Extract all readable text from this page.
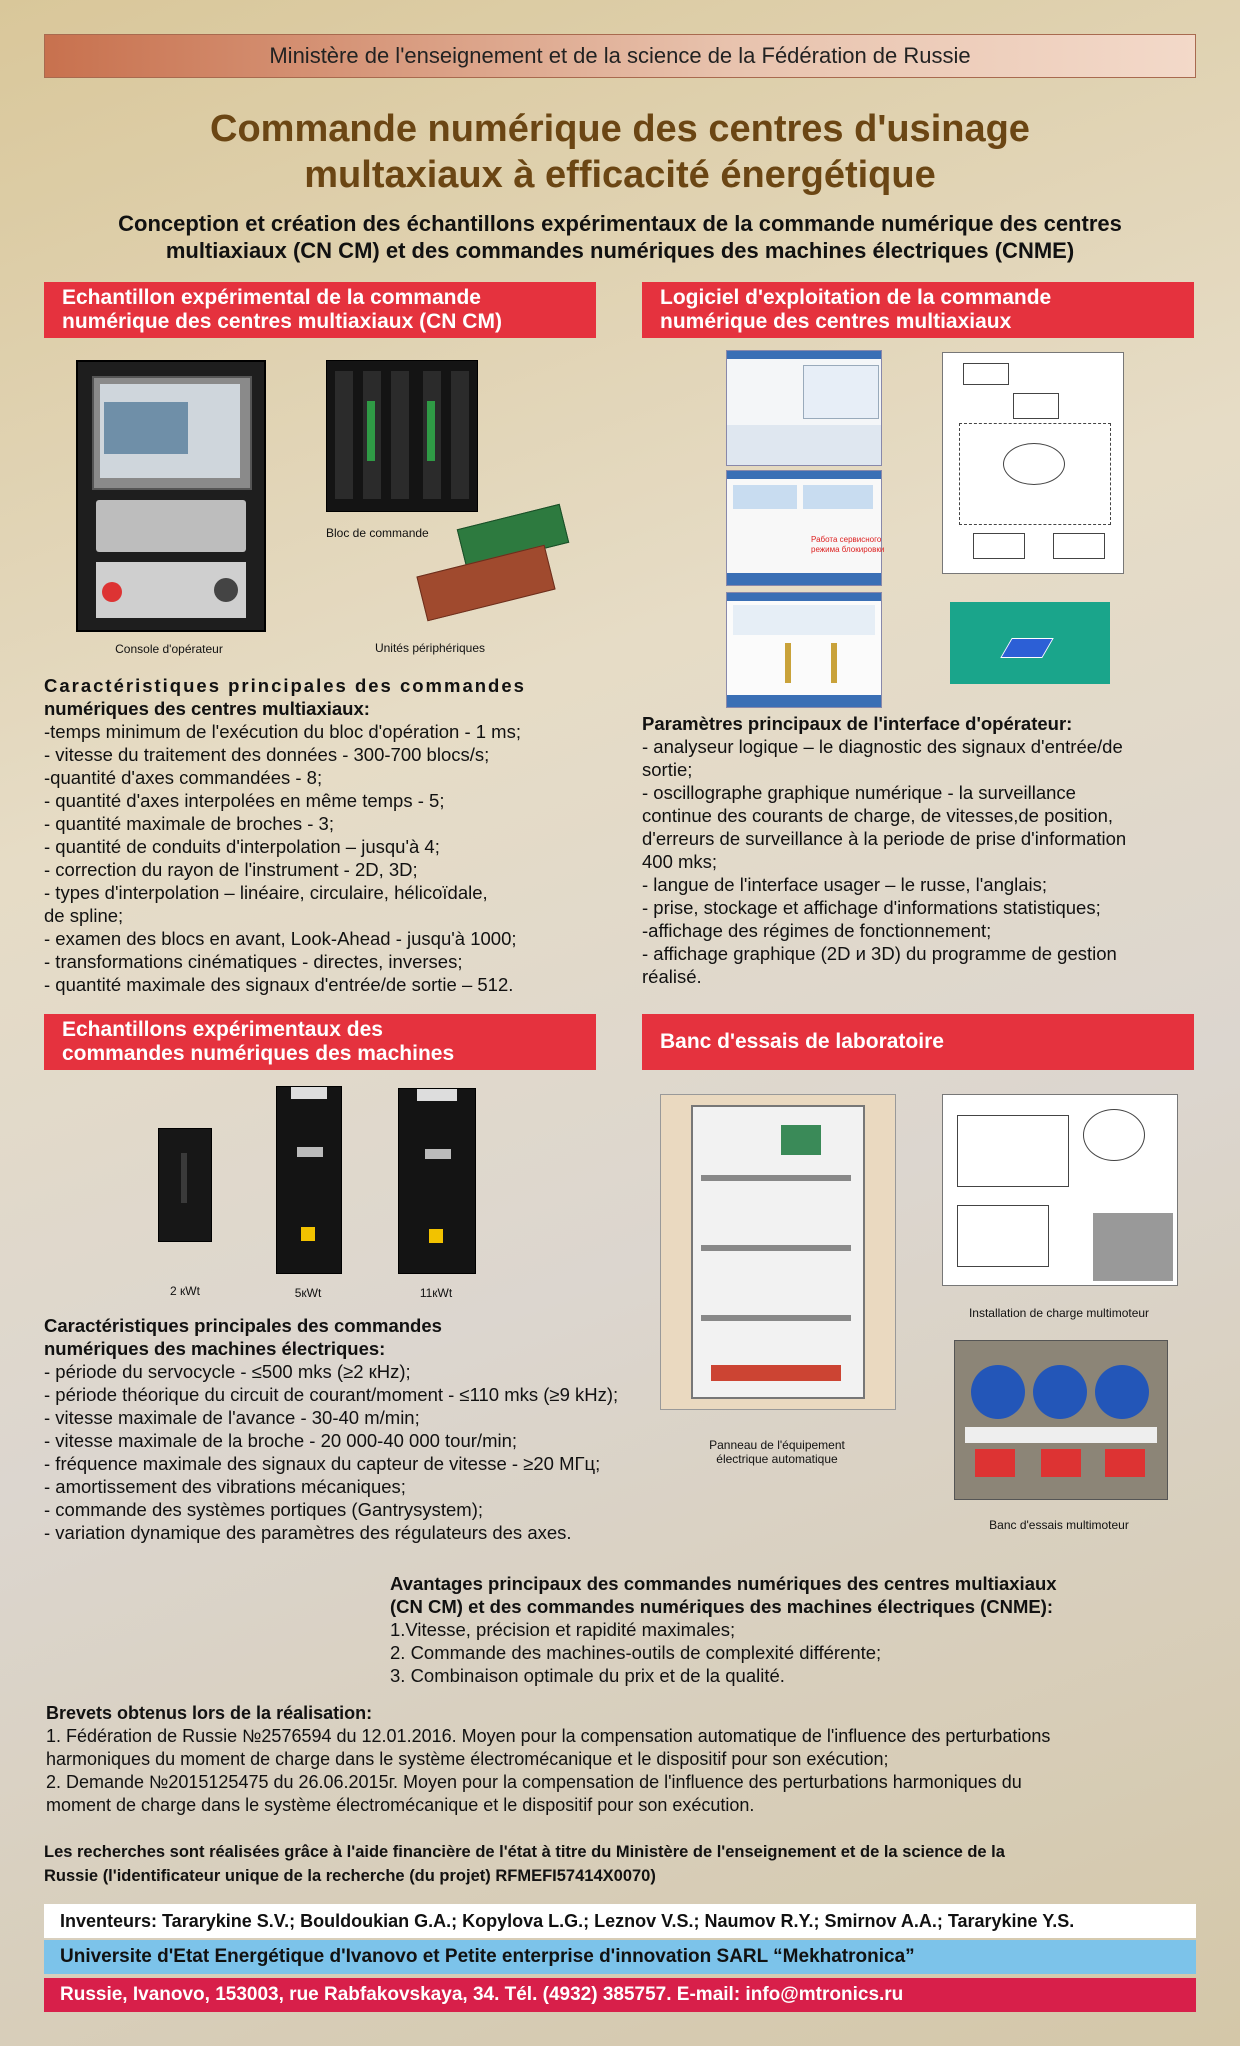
Ministère de l'enseignement et de la science de la Fédération de Russie
Commande numérique des centres d'usinage
multaxiaux à efficacité énergétique
Conception et création des échantillons expérimentaux de la commande numérique des centres
multiaxiaux (CN CM) et des commandes numériques des machines électriques (CNME)
Echantillon expérimental de la commande
numérique des centres multiaxiaux (CN CM)
Logiciel d'exploitation de la commande
numérique des centres multiaxiaux
Console d'opérateur
Bloc de commande
Unités périphériques
Caractéristiques principales des commandes
numériques des centres multiaxiaux:
-temps minimum de l'exécution du bloc d'opération - 1 ms;
- vitesse du traitement des données - 300-700 blocs/s;
-quantité d'axes commandées - 8;
- quantité d'axes interpolées en même temps - 5;
- quantité maximale de broches - 3;
- quantité de conduits d'interpolation – jusqu'à 4;
- correction du rayon de l'instrument - 2D, 3D;
- types d'interpolation – linéaire, circulaire, hélicoïdale,
de spline;
- examen des blocs en avant, Look-Ahead - jusqu'à 1000;
- transformations cinématiques - directes, inverses;
- quantité maximale des signaux d'entrée/de sortie – 512.
Работа сервисного
режима блокировки
Paramètres principaux de l'interface d'opérateur:
- analyseur logique – le diagnostic des signaux d'entrée/de
sortie;
- oscillographe graphique numérique - la surveillance
continue des courants de charge, de vitesses,de position,
d'erreurs de surveillance à la periode de prise d'information
400 mks;
- langue de l'interface usager – le russe, l'anglais;
- prise, stockage et affichage d'informations statistiques;
-affichage des régimes de fonctionnement;
- affichage graphique (2D и 3D) du programme de gestion
réalisé.
Echantillons expérimentaux des
commandes numériques des machines
Banc d'essais de laboratoire
2 кWt	5кWt	11кWt
Caractéristiques principales des commandes
numériques des machines électriques:
- période du servocycle - ≤500 mks (≥2 кHz);
- période théorique du circuit de courant/moment - ≤110 mks (≥9 kHz);
- vitesse maximale de l'avance - 30-40 m/min;
- vitesse maximale de la broche - 20 000-40 000 tour/min;
- fréquence maximale des signaux du capteur de vitesse - ≥20 МГц;
- amortissement des vibrations mécaniques;
- commande des systèmes portiques (Gantrysystem);
- variation dynamique des paramètres des régulateurs des axes.
Panneau de l'équipement
électrique automatique
Installation de charge multimoteur
Banc d'essais multimoteur
Avantages principaux des commandes numériques des centres multiaxiaux
(CN CM) et des commandes numériques des machines électriques (CNME):
1.Vitesse, précision et rapidité maximales;
2. Commande des machines-outils de complexité différente;
3. Combinaison optimale du prix et de la qualité.
Brevets obtenus lors de la réalisation:
1. Fédération de Russie №2576594 du 12.01.2016. Moyen pour la compensation automatique de l'influence des perturbations
harmoniques du moment de charge dans le système électromécanique et le dispositif pour son exécution;
2. Demande №2015125475 du 26.06.2015г. Moyen pour la compensation de l'influence des perturbations harmoniques du
moment de charge dans le système électromécanique et le dispositif pour son exécution.
Les recherches sont réalisées grâce à l'aide financière de l'état à titre du Ministère de l'enseignement et de la science de la
Russie (l'identificateur unique de la recherche (du projet) RFMEFI57414X0070)
Inventeurs: Tararykine S.V.; Bouldoukian G.A.; Kopylova L.G.; Leznov V.S.; Naumov R.Y.; Smirnov A.A.; Tararykine Y.S.
Universite d'Etat Energétique d'Ivanovo et Petite enterprise d'innovation SARL “Mekhatronica”
Russie, Ivanovo, 153003, rue Rabfakovskaya, 34. Tél. (4932) 385757. E-mail: info@mtronics.ru
